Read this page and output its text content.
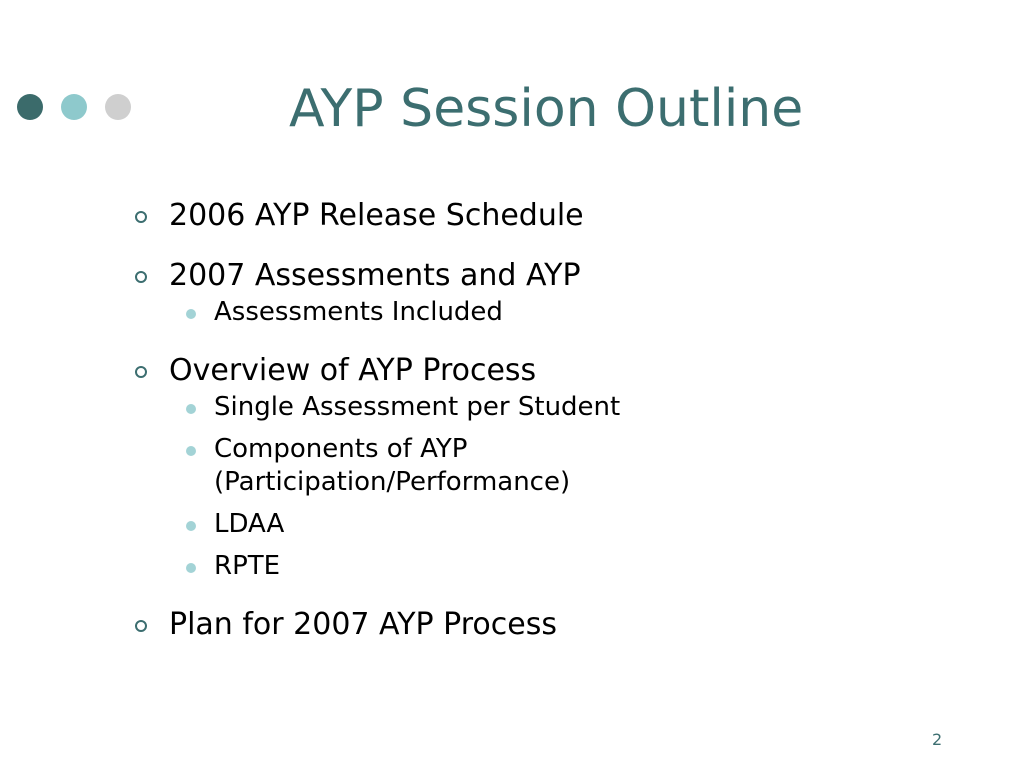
AYP Session Outline
2006 AYP Release Schedule
2007 Assessments and AYP
Assessments Included
Overview of AYP Process
Single Assessment per Student
Components of AYP
(Participation/Performance)
LDAA
RPTE
Plan for 2007 AYP Process
2
